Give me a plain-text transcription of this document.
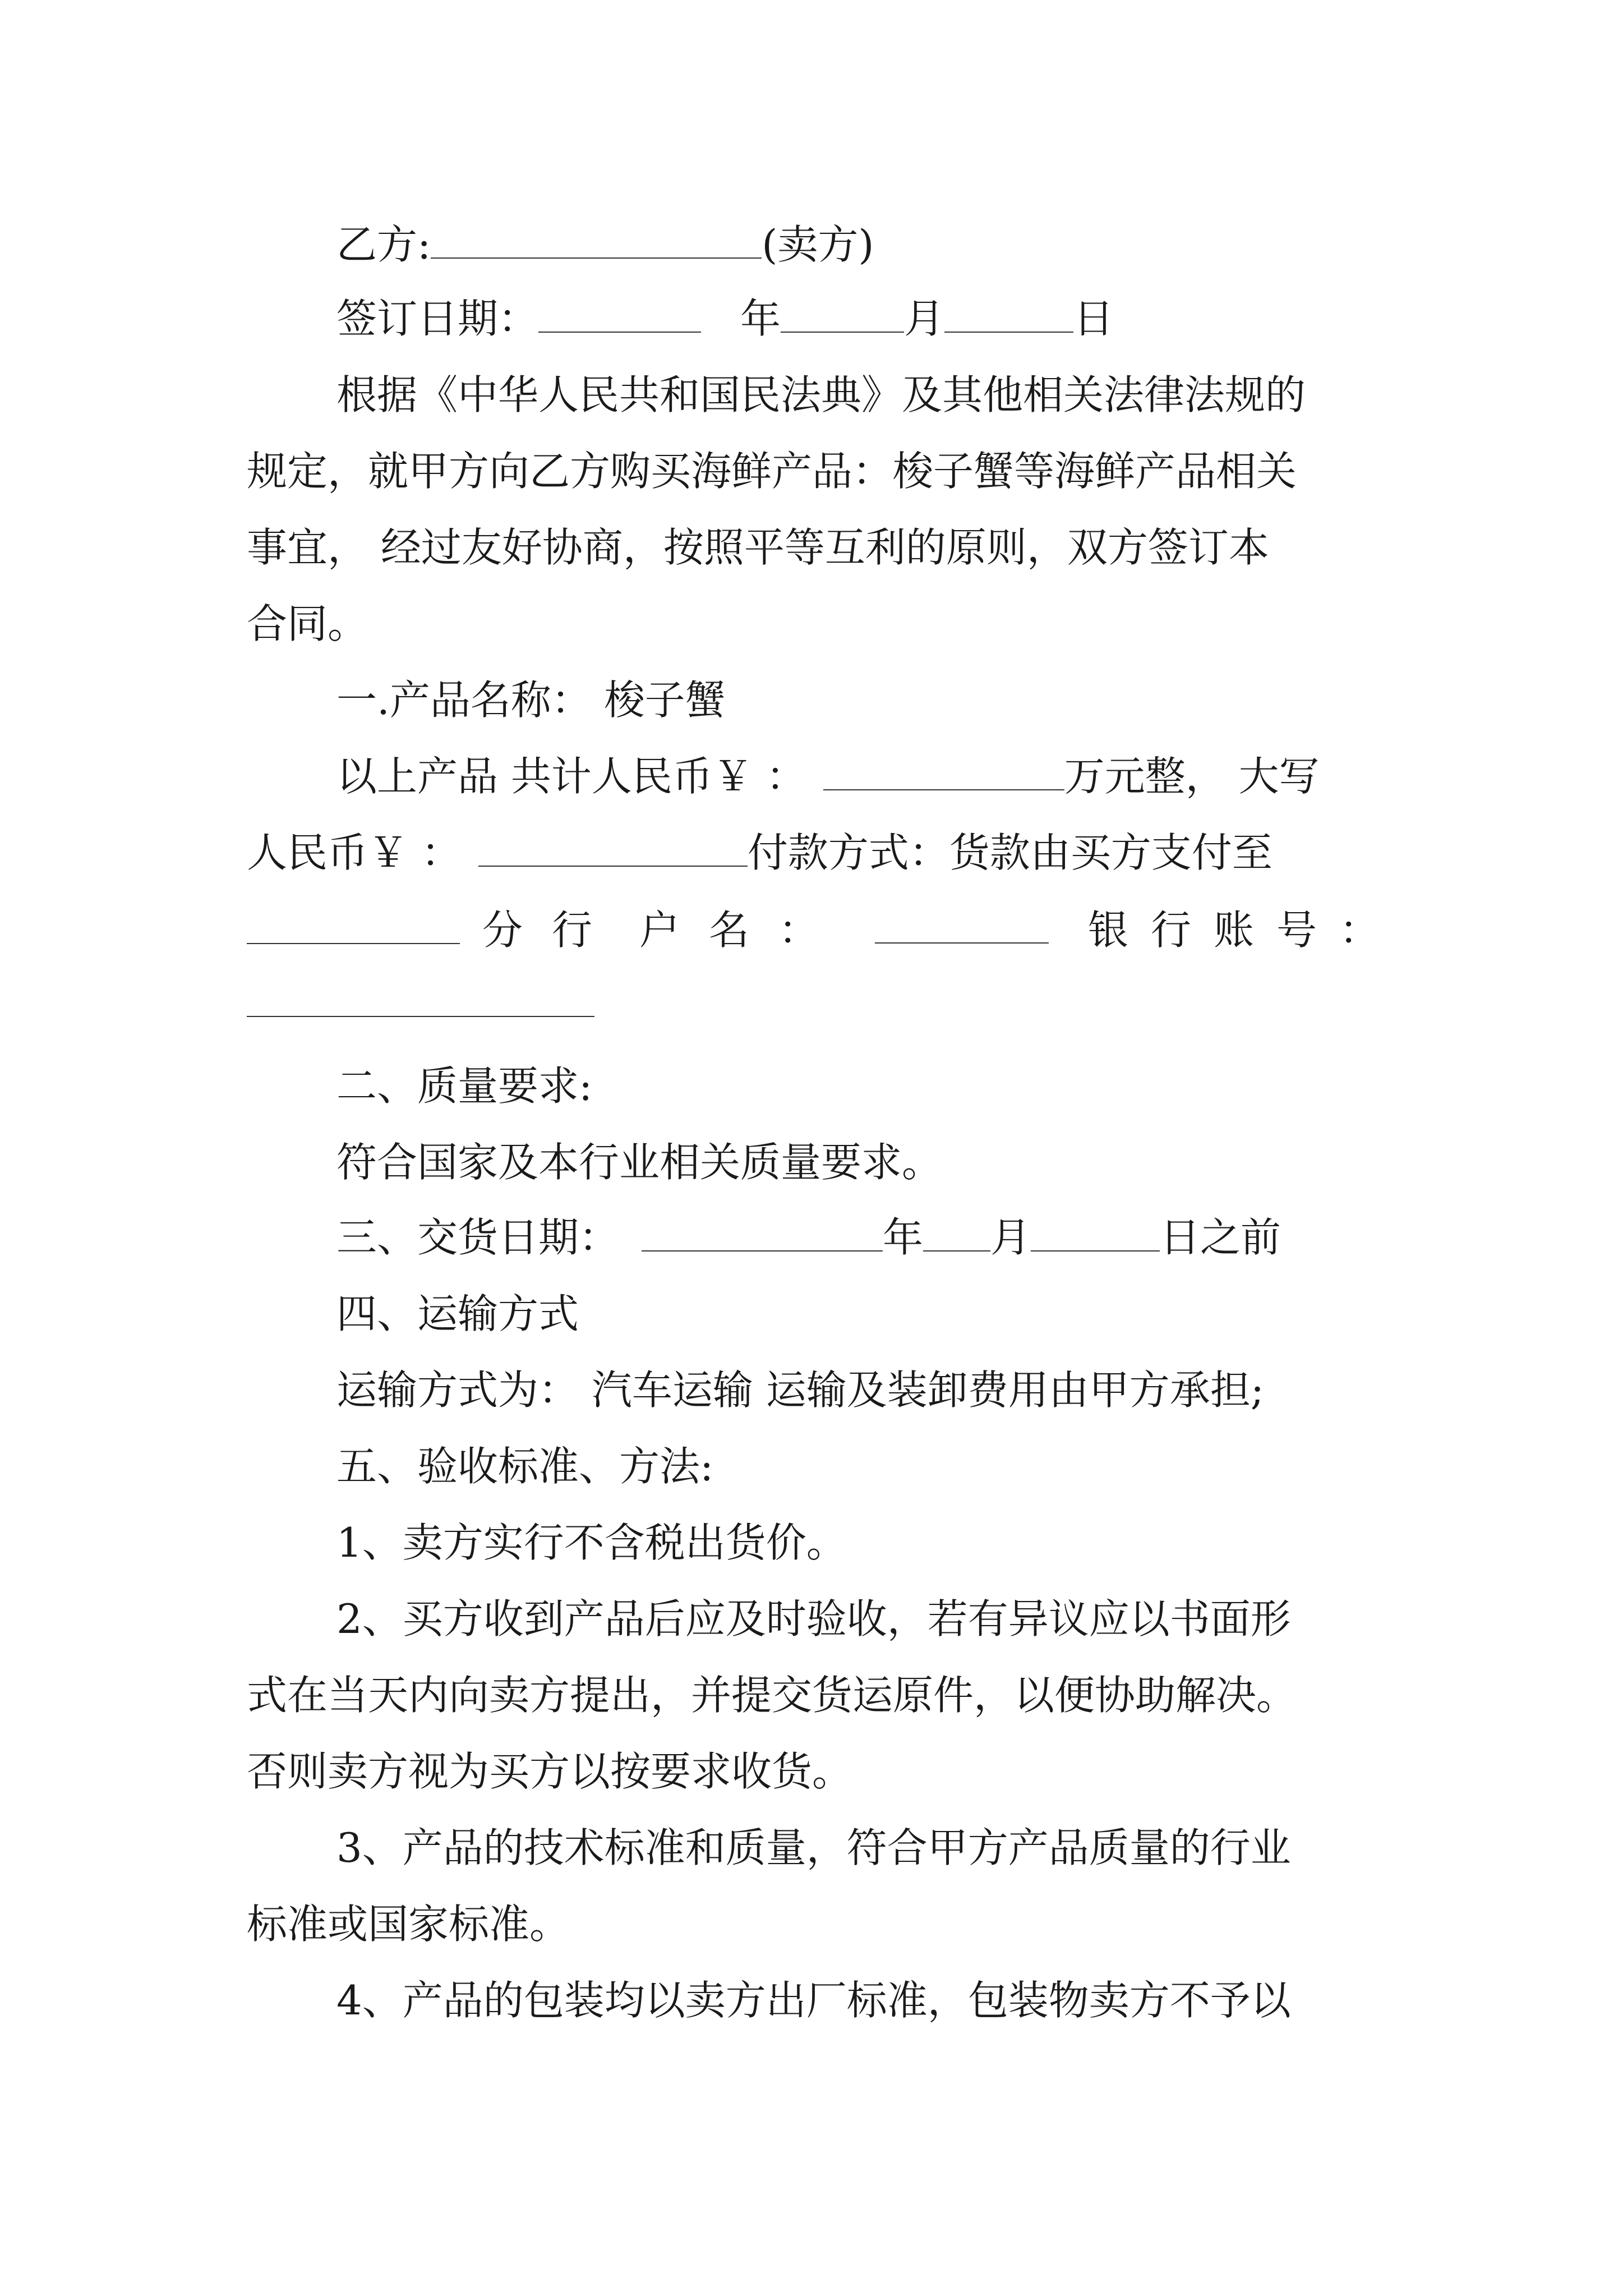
乙方:	(卖方)
签订日期：	年	月	日
根据《中华人民共和国民法典》及其他相关法律法规的
规定，就甲方向乙方购买海鲜产品：梭子蟹等海鲜产品相关
事宜， 经过友好协商，按照平等互利的原则，双方签订本
合同。
一.产品名称： 梭子蟹
以上产品 共计人民币￥ ：	万元整， 大写
人民币￥ ：	付款方式：货款由买方支付至
分行 户名：	银行账号：
二、质量要求:
符合国家及本行业相关质量要求。
三、交货日期：	年 月	日之前
四、运输方式
运输方式为： 汽车运输 运输及装卸费用由甲方承担;
五、验收标准、方法:
1、卖方实行不含税出货价。
2、买方收到产品后应及时验收，若有异议应以书面形
式在当天内向卖方提出，并提交货运原件，以便协助解决。
否则卖方视为买方以按要求收货。
3、产品的技术标准和质量，符合甲方产品质量的行业
标准或国家标准。
4、产品的包装均以卖方出厂标准，包装物卖方不予以
